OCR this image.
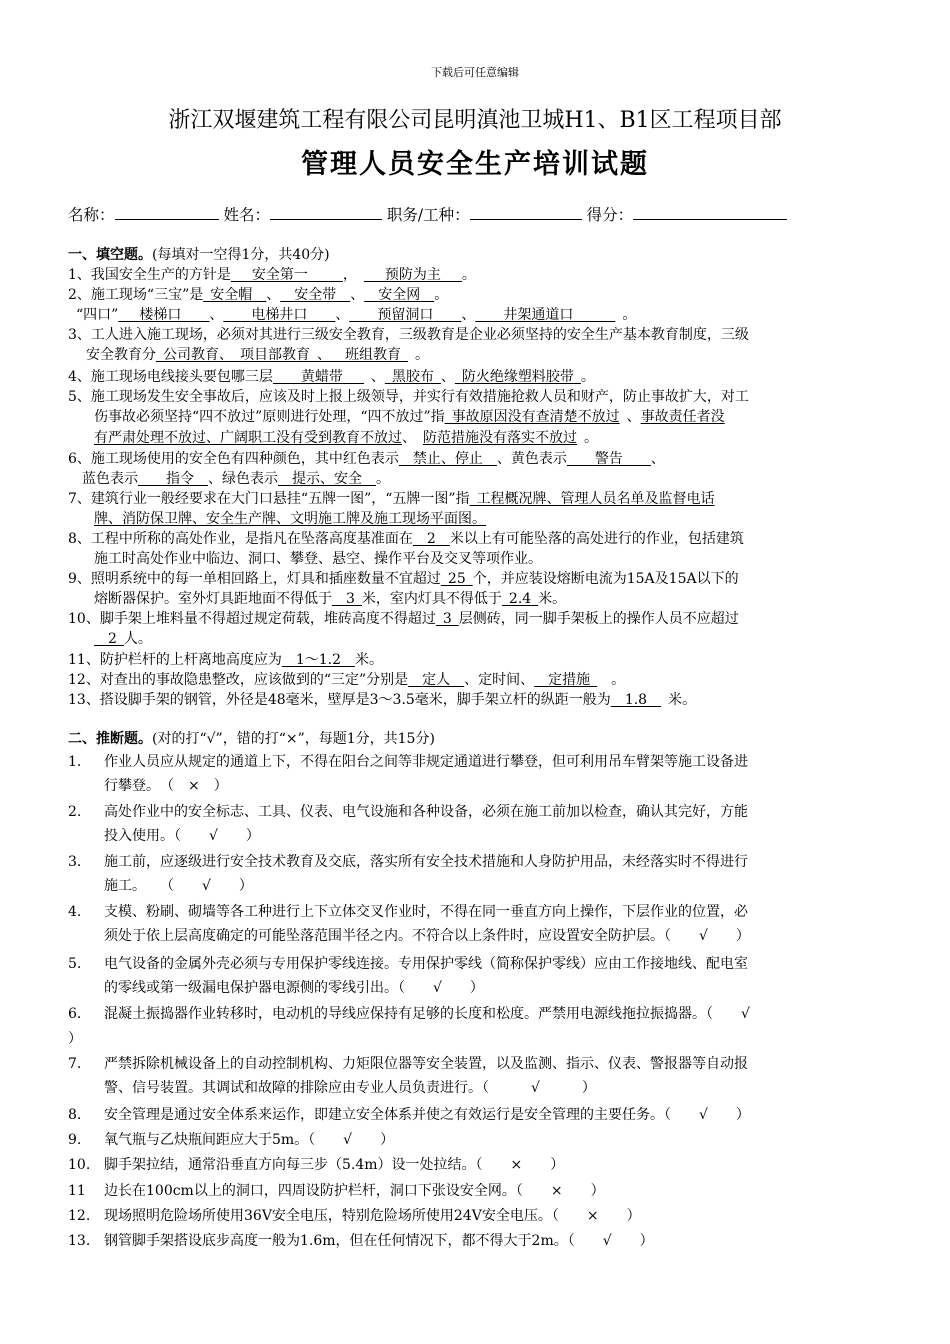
下载后可任意编辑
浙江双堰建筑工程有限公司昆明滇池卫城H1、B1区工程项目部
管理人员安全生产培训试题
名称：	姓名：	职务/工种：	得分：
一、填空题。(每填对一空得1分，共40分)
1、我国安全生产的方针是   安全第一   	，    预防为主   。
2、施工现场“三宝”是  安全帽  、   安全带  、  安全网  。
“四口”   楼梯口   、   电梯井口   、   预留洞口   、   井架通道口    	。
3、工人进入施工现场，必须对其进行三级安全教育，三级教育是企业必须坚持的安全生产基本教育制度，三级
安全教育分  公司教育、  项目部教育  、   班组教育   。
4、施工现场电线接头要包哪三层   黄蜡带    、  黑胶布  、  防火绝缘塑料胶带  。
5、施工现场发生安全事故后，应该及时上报上级领导，并实行有效措施抢救人员和财产，防止事故扩大，对工
伤事故必须坚持“四不放过”原则进行处理，“四不放过”指  事故原因没有查清楚不放过  、事故责任者没
有严肃处理不放过、广阔职工没有受到教育不放过、  防范措施没有落实不放过  。
6、施工现场使用的安全色有四种颜色，其中红色表示  禁止、停止  、黄色表示   警告   、
蓝色表示   指令  、绿色表示  提示、安全  。
7、建筑行业一般经要求在大门口悬挂“五牌一图”，“五牌一图”指  工程概况牌、管理人员名单及监督电话
牌、消防保卫牌、安全生产牌、文明施工牌及施工现场平面图。
8、工程中所称的高处作业，是指凡在坠落高度基准面在  2  米以上有可能坠落的高处进行的作业，包括建筑
施工时高处作业中临边、洞口、攀登、悬空、操作平台及交叉等项作业。
9、照明系统中的每一单相回路上，灯具和插座数量不宜超过  25  个，并应装设熔断电流为15A及15A以下的
熔断器保护。室外灯具距地面不得低于   3  米，室内灯具不得低于  2.4  米。
10、脚手架上堆料量不得超过规定荷载，堆砖高度不得超过  3  层侧砖，同一脚手架板上的操作人员不应超过
  2  人。
11、防护栏杆的上杆离地高度应为  1～1.2  米。
12、对查出的事故隐患整改，应该做到的“三定”分别是  定人  、定时间、  定措施   。
13、搭设脚手架的钢管，外径是48毫米，壁厚是3～3.5毫米，脚手架立杆的纵距一般为  1.8   米。
二、推断题。(对的打“√”，错的打“×”，每题1分，共15分)
1. 作业人员应从规定的通道上下，不得在阳台之间等非规定通道进行攀登，但可利用吊车臂架等施工设备进
行攀登。　（　×　）
2. 高处作业中的安全标志、工具、仪表、电气设施和各种设备，必须在施工前加以检查，确认其完好，方能
投入使用。（　　√　　）
3. 施工前，应逐级进行安全技术教育及交底，落实所有安全技术措施和人身防护用品，未经落实时不得进行
施工。　　（　　√　　）
4. 支模、粉刷、砌墙等各工种进行上下立体交叉作业时，不得在同一垂直方向上操作，下层作业的位置，必
须处于依上层高度确定的可能坠落范围半径之内。不符合以上条件时，应设置安全防护层。（　　√　　）
5. 电气设备的金属外壳必须与专用保护零线连接。专用保护零线（简称保护零线）应由工作接地线、配电室
的零线或第一级漏电保护器电源侧的零线引出。（　　√　　）
6. 混凝土振捣器作业转移时，电动机的导线应保持有足够的长度和松度。严禁用电源线拖拉振捣器。（　　√
）
7. 严禁拆除机械设备上的自动控制机构、力矩限位器等安全装置，以及监测、指示、仪表、警报器等自动报
警、信号装置。其调试和故障的排除应由专业人员负责进行。（　　　√　　　）
8. 安全管理是通过安全体系来运作，即建立安全体系并使之有效运行是安全管理的主要任务。（　　√　　）
9. 氧气瓶与乙炔瓶间距应大于5m。（　　√　　）
10. 脚手架拉结，通常沿垂直方向每三步（5.4m）设一处拉结。（　　×　　）
11 边长在100cm以上的洞口，四周设防护栏杆，洞口下张设安全网。（　　×　　）
12. 现场照明危险场所使用36V安全电压，特别危险场所使用24V安全电压。（　　×　　）
13. 钢管脚手架搭设底步高度一般为1.6m，但在任何情况下，都不得大于2m。（　　√　　）
